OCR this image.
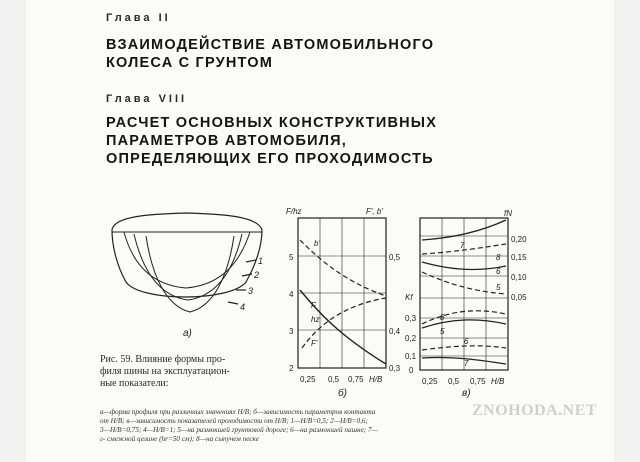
Глава II
ВЗАИМОДЕЙСТВИЕ АВТОМОБИЛЬНОГО
КОЛЕСА С ГРУНТОМ
Глава VIII
РАСЧЕТ ОСНОВНЫХ КОНСТРУКТИВНЫХ
ПАРАМЕТРОВ АВТОМОБИЛЯ,
ОПРЕДЕЛЯЮЩИХ ЕГО ПРОХОДИМОСТЬ
1
2
3
4
а)
F/hz	F', b'
5
4
3
2
0,5
0,4
0,3
0,25 0,5 0,75 H/B
b'
F
hz
F'
б)
fN
Kf
0,20
0,15
0,10
0,05
0,3
0,2
0,1
0
0,25 0,5 0,75 H/B
7
8
6
5
8
5
6
7
в)
Рис. 59. Влияние формы про-
филя шины на эксплуатацион-
ные показатели:
а—форма профиля при различных значениях H/B; б—зависимость параметров контакта
от H/B; в—зависимость показателей проходимости от H/B; 1—H/B=0,5; 2—H/B=0,6;
3—H/B=0,75; 4—H/B=1; 5—на размокшей грунтовой дороге; 6—на размокшей пашне; 7—
г- смежной целине (hr=50 см); 8—на сыпучем песке
ZNOHODA.NET
